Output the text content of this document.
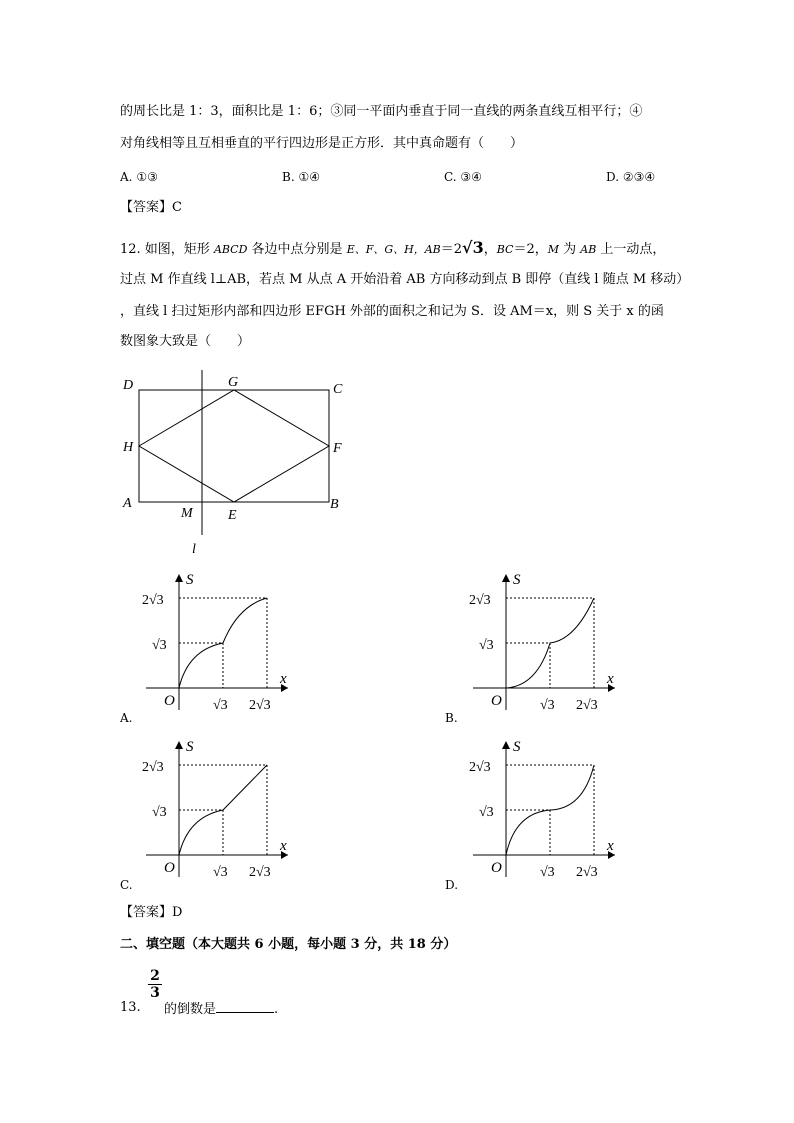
的周长比是 1：3，面积比是 1：6；③同一平面内垂直于同一直线的两条直线互相平行；④
对角线相等且互相垂直的平行四边形是正方形．其中真命题有（　　）
A. ①③	B. ①④	C. ③④	D. ②③④
【答案】C
12. 如图，矩形 ABCD 各边中点分别是 E、F、G、H，AB＝2√3，BC＝2，M 为 AB 上一动点，
过点 M 作直线 l⊥AB，若点 M 从点 A 开始沿着 AB 方向移动到点 B 即停（直线 l 随点 M 移动）
，直线 l 扫过矩形内部和四边形 EFGH 外部的面积之和记为 S．设 AM＝x，则 S 关于 x 的函
数图象大致是（　　）
D	G	C
H	F
A
M	E
B
l
S
x
O
2√3
√3
√3 2√3
A.
S
x
O
2√3
√3
√3 2√3
B.
S
x
O
2√3
√3
√3 2√3
C.
S
x
O
2√3
√3
√3 2√3
D.
【答案】D
二、填空题（本大题共 6 小题，每小题 3 分，共 18 分）
$\frac{2}{3}$
13. 的倒数是	.
